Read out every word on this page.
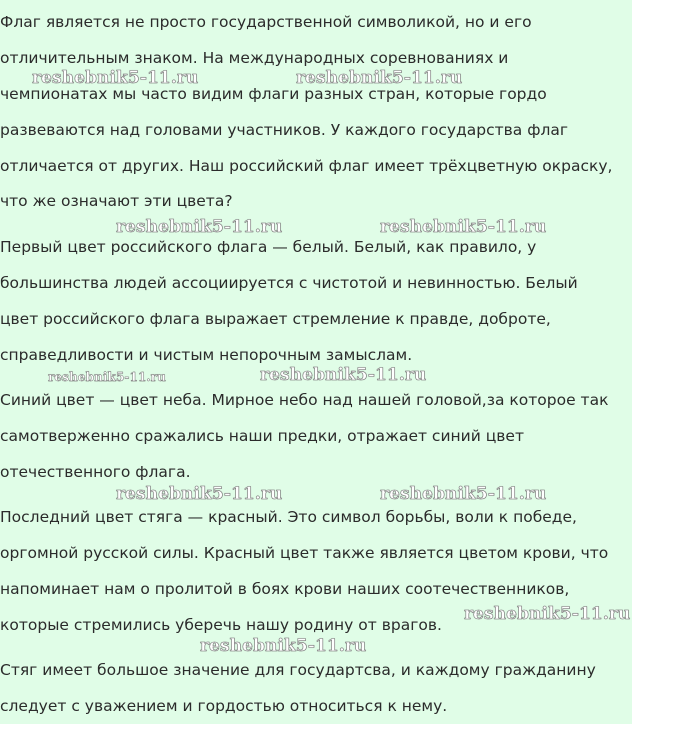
Флаг является не просто государственной символикой, но и его
отличительным знаком. На международных соревнованиях и
чемпионатах мы часто видим флаги разных стран, которые гордо
развеваются над головами участников. У каждого государства флаг
отличается от других. Наш российский флаг имеет трёхцветную окраску,
что же означают эти цвета?
Первый цвет российского флага — белый. Белый, как правило, у
большинства людей ассоциируется с чистотой и невинностью. Белый
цвет российского флага выражает стремление к правде, доброте,
справедливости и чистым непорочным замыслам.
Синий цвет — цвет неба. Мирное небо над нашей головой,за которое так
самотверженно сражались наши предки, отражает синий цвет
отечественного флага.
Последний цвет стяга — красный. Это символ борьбы, воли к победе,
оргомной русской силы. Красный цвет также является цветом крови, что
напоминает нам о пролитой в боях крови наших соотечественников,
которые стремились уберечь нашу родину от врагов.
Стяг имеет большое значение для государтсва, и каждому гражданину
следует с уважением и гордостью относиться к нему.
reshebnik5-11.ru	reshebnik5-11.ru
reshebnik5-11.ru	reshebnik5-11.ru
reshebnik5-11.ru	reshebnik5-11.ru
reshebnik5-11.ru	reshebnik5-11.ru
reshebnik5-11.ru
reshebnik5-11.ru
